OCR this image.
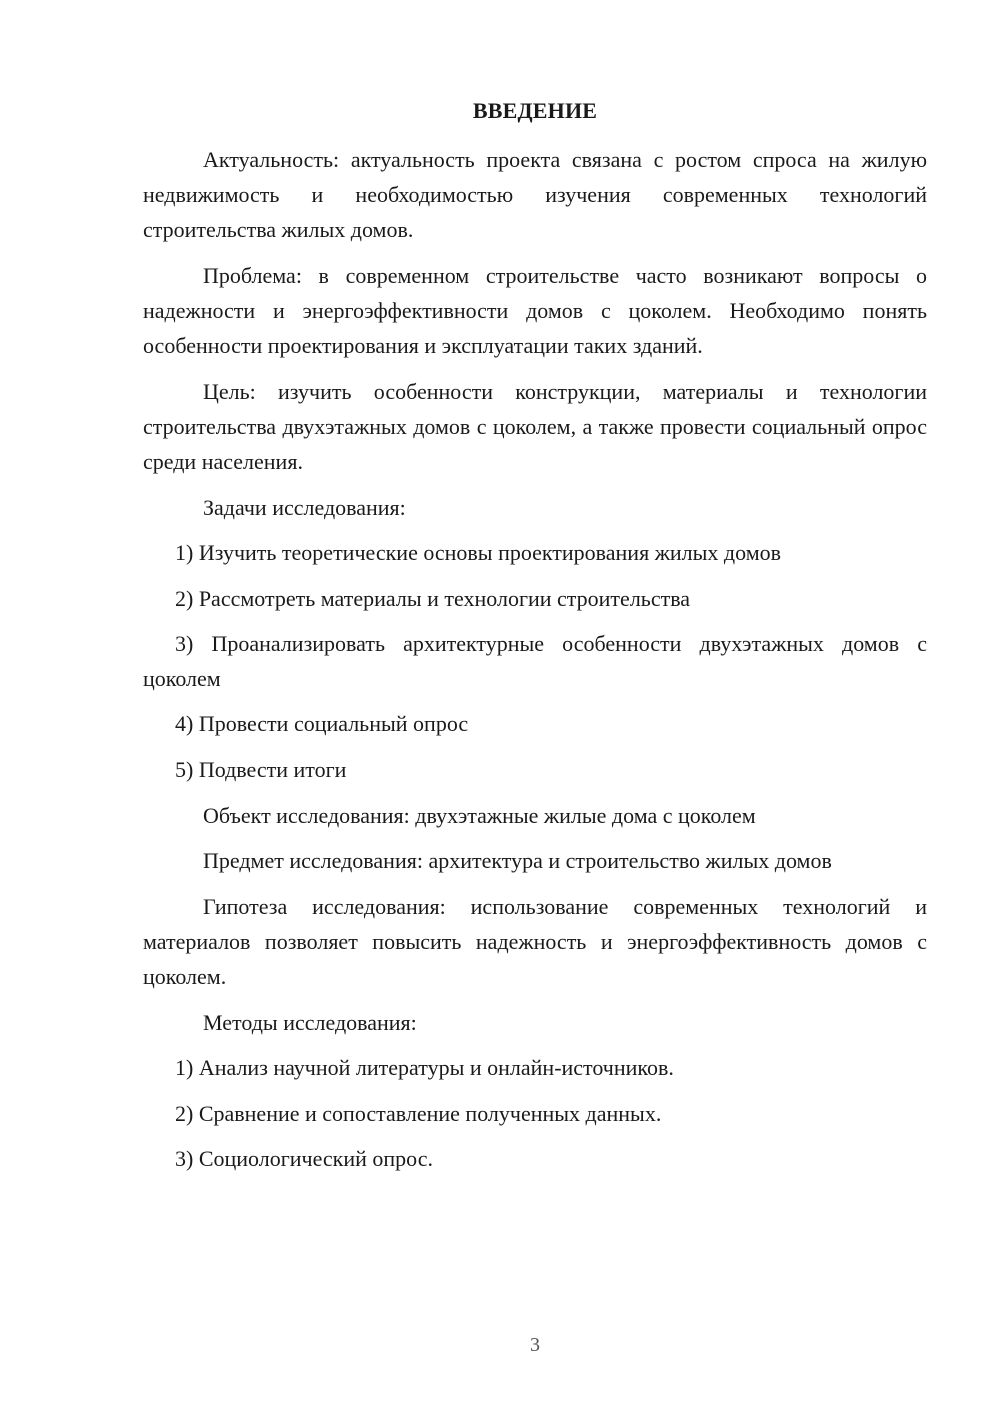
ВВЕДЕНИЕ

Актуальность: актуальность проекта связана с ростом спроса на жилую недвижимость и необходимостью изучения современных технологий строительства жилых домов.

Проблема: в современном строительстве часто возникают вопросы о надежности и энергоэффективности домов с цоколем. Необходимо понять особенности проектирования и эксплуатации таких зданий.

Цель: изучить особенности конструкции, материалы и технологии строительства двухэтажных домов с цоколем, а также провести социальный опрос среди населения.

Задачи исследования:

1) Изучить теоретические основы проектирования жилых домов

2) Рассмотреть материалы и технологии строительства

3) Проанализировать архитектурные особенности двухэтажных домов с цоколем

4) Провести социальный опрос

5) Подвести итоги

Объект исследования: двухэтажные жилые дома с цоколем

Предмет исследования: архитектура и строительство жилых домов

Гипотеза исследования: использование современных технологий и материалов позволяет повысить надежность и энергоэффективность домов с цоколем.

Методы исследования:

1) Анализ научной литературы и онлайн-источников.

2) Сравнение и сопоставление полученных данных.

3) Социологический опрос.

3
